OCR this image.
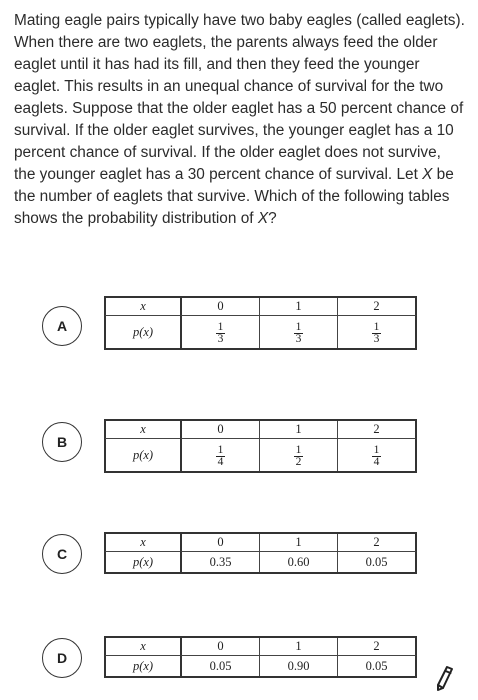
Mating eagle pairs typically have two baby eagles (called eaglets). When there are two eaglets, the parents always feed the older eaglet until it has had its fill, and then they feed the younger eaglet. This results in an unequal chance of survival for the two eaglets. Suppose that the older eaglet has a 50 percent chance of survival. If the older eaglet survives, the younger eaglet has a 10 percent chance of survival. If the older eaglet does not survive, the younger eaglet has a 30 percent chance of survival. Let X be the number of eaglets that survive. Which of the following tables shows the probability distribution of X?
A
x	0	1	2
p(x)	$\frac{1}{3}$	$\frac{1}{3}$	$\frac{1}{3}$
B
x	0	1	2
p(x)	$\frac{1}{4}$	$\frac{1}{2}$	$\frac{1}{4}$
C
x	0	1	2
p(x)	0.35	0.60	0.05
D
x	0	1	2
p(x)	0.05	0.90	0.05
